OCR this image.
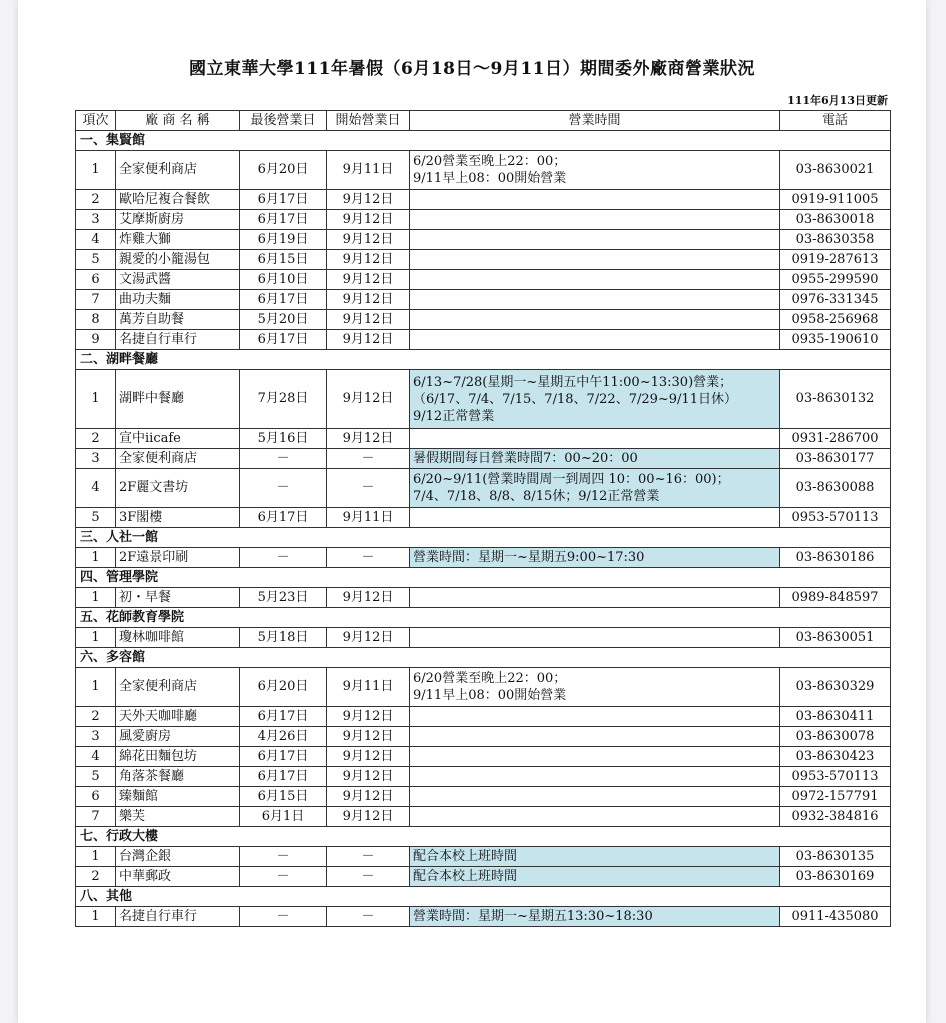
國立東華大學111年暑假（6月18日～9月11日）期間委外廠商營業狀況
111年6月13日更新
項次	廠 商 名 稱	最後營業日	開始營業日	營業時間	電話
一、集賢館					
1	全家便利商店	6月20日	9月11日	6/20營業至晚上22：00；
9/11早上08：00開始營業	03-8630021
2	歐哈尼複合餐飲	6月17日	9月12日		0919-911005
3	艾摩斯廚房	6月17日	9月12日		03-8630018
4	炸雞大獅	6月19日	9月12日		03-8630358
5	親愛的小籠湯包	6月15日	9月12日		0919-287613
6	文湯武醬	6月10日	9月12日		0955-299590
7	曲功夫麵	6月17日	9月12日		0976-331345
8	萬芳自助餐	5月20日	9月12日		0958-256968
9	名捷自行車行	6月17日	9月12日		0935-190610
二、湖畔餐廳					
1	湖畔中餐廳	7月28日	9月12日	6/13~7/28(星期一~星期五中午11:00~13:30)營業；
（6/17、7/4、7/15、7/18、7/22、7/29~9/11日休）
9/12正常營業	03-8630132
2	宣中iicafe	5月16日	9月12日		0931-286700
3	全家便利商店	－	－	暑假期間每日營業時間7：00~20：00	03-8630177
4	2F麗文書坊	－	－	6/20~9/11(營業時間周一到周四 10：00~16：00)；
7/4、7/18、8/8、8/15休；9/12正常營業	03-8630088
5	3F閣樓	6月17日	9月11日		0953-570113
三、人社一館					
1	2F遠景印刷	－	－	營業時間：星期一~星期五9:00~17:30	03-8630186
四、管理學院					
1	初・早餐	5月23日	9月12日		0989-848597
五、花師教育學院					
1	瓊林咖啡館	5月18日	9月12日		03-8630051
六、多容館					
1	全家便利商店	6月20日	9月11日	6/20營業至晚上22：00；
9/11早上08：00開始營業	03-8630329
2	天外天咖啡廳	6月17日	9月12日		03-8630411
3	風愛廚房	4月26日	9月12日		03-8630078
4	綿花田麵包坊	6月17日	9月12日		03-8630423
5	角落茶餐廳	6月17日	9月12日		0953-570113
6	臻麵館	6月15日	9月12日		0972-157791
7	樂芙	6月1日	9月12日		0932-384816
七、行政大樓					
1	台灣企銀	－	－	配合本校上班時間	03-8630135
2	中華郵政	－	－	配合本校上班時間	03-8630169
八、其他					
1	名捷自行車行	－	－	營業時間：星期一~星期五13:30~18:30	0911-435080
